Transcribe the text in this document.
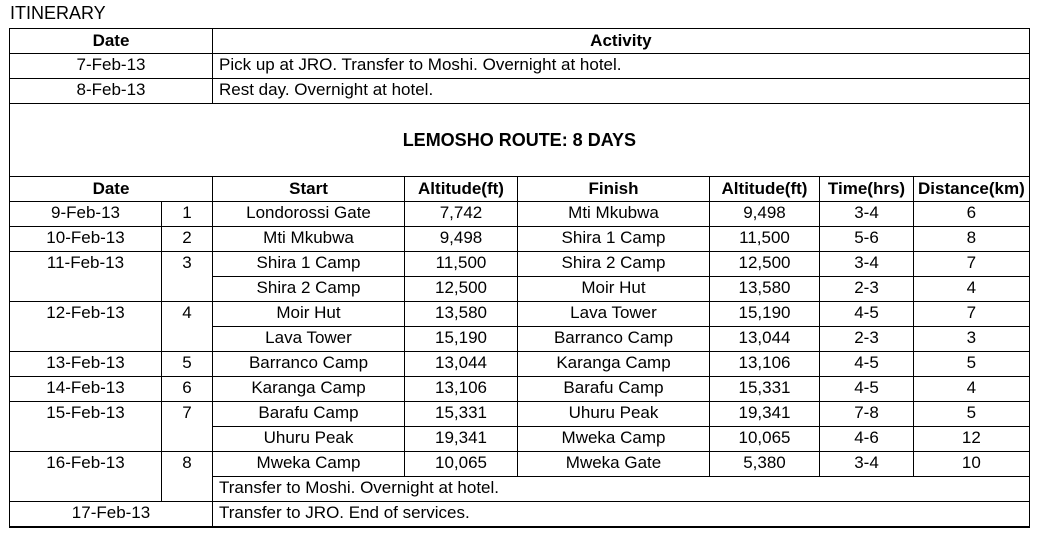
ITINERARY
Date		Activity					
7-Feb-13		Pick up at JRO. Transfer to Moshi. Overnight at hotel.					
8-Feb-13		Rest day. Overnight at hotel.					
LEMOSHO ROUTE: 8 DAYS							
Date		Start	Altitude(ft)	Finish	Altitude(ft)	Time(hrs)	Distance(km)
9-Feb-13	1	Londorossi Gate	7,742	Mti Mkubwa	9,498	3-4	6
10-Feb-13	2	Mti Mkubwa	9,498	Shira 1 Camp	11,500	5-6	8
11-Feb-13	3	Shira 1 Camp	11,500	Shira 2 Camp	12,500	3-4	7
		Shira 2 Camp	12,500	Moir Hut	13,580	2-3	4
12-Feb-13	4	Moir Hut	13,580	Lava Tower	15,190	4-5	7
		Lava Tower	15,190	Barranco Camp	13,044	2-3	3
13-Feb-13	5	Barranco Camp	13,044	Karanga Camp	13,106	4-5	5
14-Feb-13	6	Karanga Camp	13,106	Barafu Camp	15,331	4-5	4
15-Feb-13	7	Barafu Camp	15,331	Uhuru Peak	19,341	7-8	5
		Uhuru Peak	19,341	Mweka Camp	10,065	4-6	12
16-Feb-13	8	Mweka Camp	10,065	Mweka Gate	5,380	3-4	10
		Transfer to Moshi. Overnight at hotel.					
17-Feb-13		Transfer to JRO. End of services.					
